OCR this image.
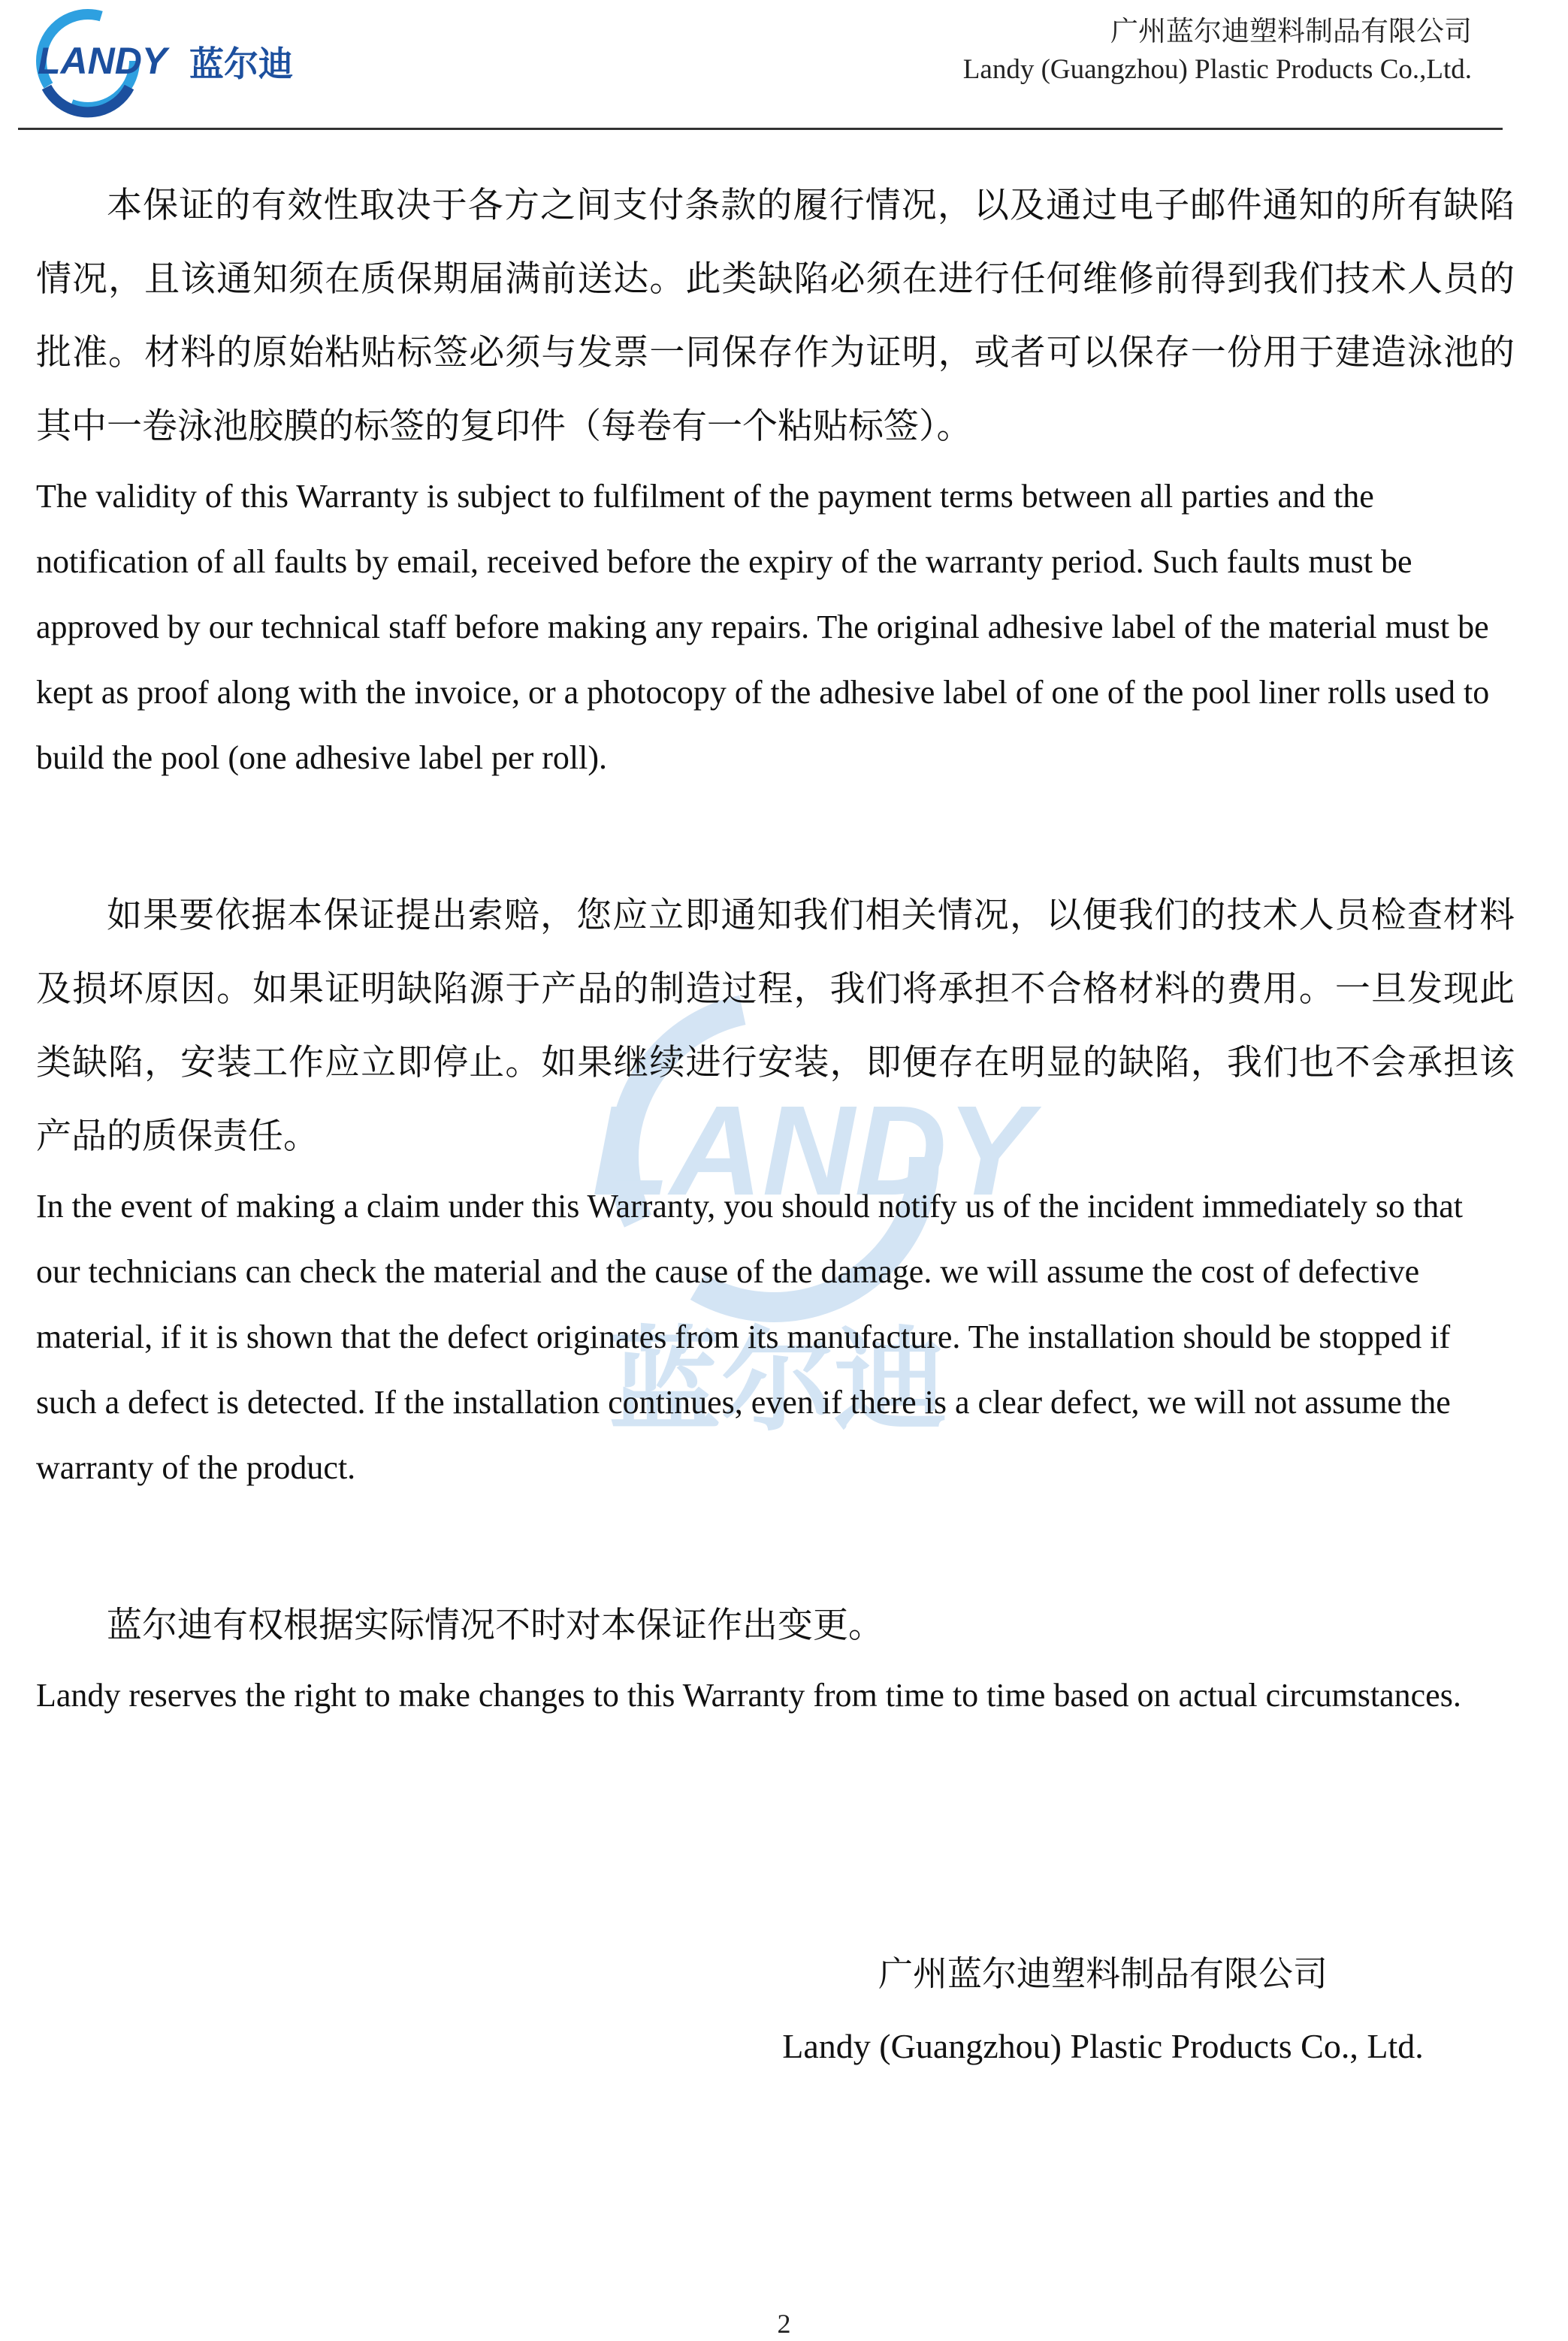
LANDY 蓝尔迪
广州蓝尔迪塑料制品有限公司
Landy (Guangzhou) Plastic Products Co.,Ltd.
LANDY
蓝尔迪

本保证的有效性取决于各方之间支付条款的履行情况，以及通过电子邮件通知的所有缺陷情况，且该通知须在质保期届满前送达。此类缺陷必须在进行任何维修前得到我们技术人员的批准。材料的原始粘贴标签必须与发票一同保存作为证明，或者可以保存一份用于建造泳池的其中一卷泳池胶膜的标签的复印件（每卷有一个粘贴标签）。

The validity of this Warranty is subject to fulfilment of the payment terms between all parties and the notification of all faults by email, received before the expiry of the warranty period. Such faults must be approved by our technical staff before making any repairs. The original adhesive label of the material must be kept as proof along with the invoice, or a photocopy of the adhesive label of one of the pool liner rolls used to build the pool (one adhesive label per roll).

如果要依据本保证提出索赔，您应立即通知我们相关情况，以便我们的技术人员检查材料及损坏原因。如果证明缺陷源于产品的制造过程，我们将承担不合格材料的费用。一旦发现此类缺陷，安装工作应立即停止。如果继续进行安装，即便存在明显的缺陷，我们也不会承担该产品的质保责任。

In the event of making a claim under this Warranty, you should notify us of the incident immediately so that our technicians can check the material and the cause of the damage. we will assume the cost of defective material, if it is shown that the defect originates from its manufacture. The installation should be stopped if such a defect is detected. If the installation continues, even if there is a clear defect, we will not assume the warranty of the product.

蓝尔迪有权根据实际情况不时对本保证作出变更。

Landy reserves the right to make changes to this Warranty from time to time based on actual circumstances.

广州蓝尔迪塑料制品有限公司
Landy (Guangzhou) Plastic Products Co., Ltd.
2
